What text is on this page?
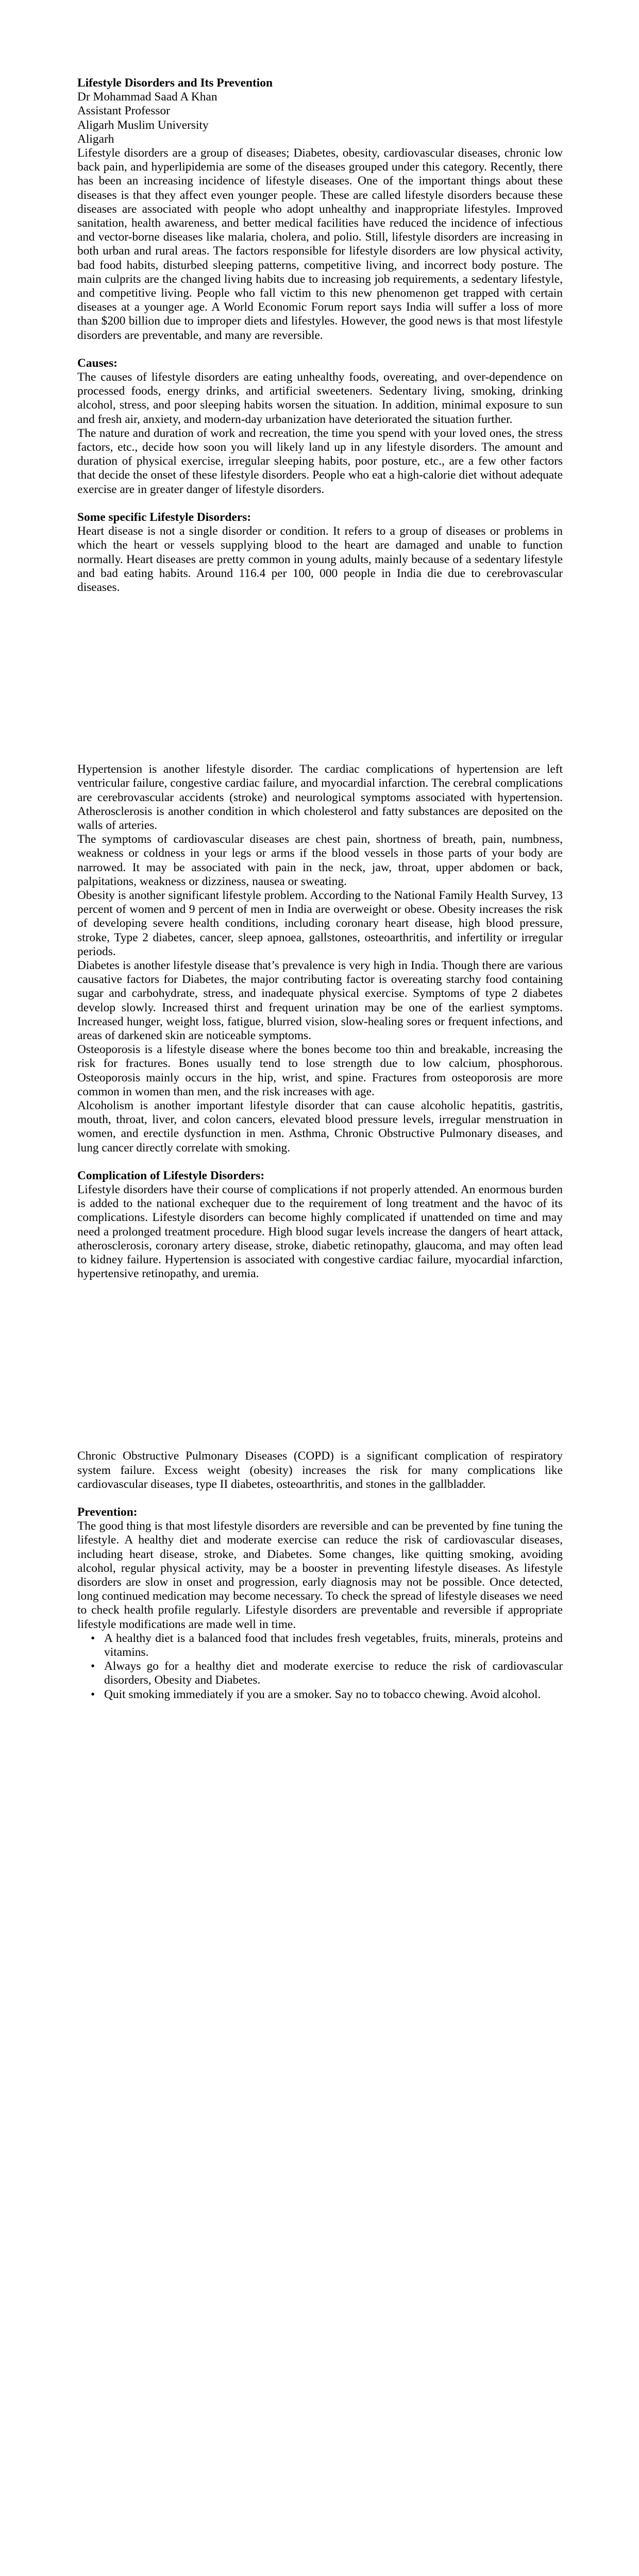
Lifestyle Disorders and Its Prevention
Dr Mohammad Saad A Khan
Assistant Professor
Aligarh Muslim University
Aligarh

Lifestyle disorders are a group of diseases; Diabetes, obesity, cardiovascular diseases, chronic low back pain, and hyperlipidemia are some of the diseases grouped under this category. Recently, there has been an increasing incidence of lifestyle diseases. One of the important things about these diseases is that they affect even younger people. These are called lifestyle disorders because these diseases are associated with people who adopt unhealthy and inappropriate lifestyles. Improved sanitation, health awareness, and better medical facilities have reduced the incidence of infectious and vector-borne diseases like malaria, cholera, and polio. Still, lifestyle disorders are increasing in both urban and rural areas. The factors responsible for lifestyle disorders are low physical activity, bad food habits, disturbed sleeping patterns, competitive living, and incorrect body posture. The main culprits are the changed living habits due to increasing job requirements, a sedentary lifestyle, and competitive living. People who fall victim to this new phenomenon get trapped with certain diseases at a younger age. A World Economic Forum report says India will suffer a loss of more than $200 billion due to improper diets and lifestyles. However, the good news is that most lifestyle disorders are preventable, and many are reversible.

Causes:

The causes of lifestyle disorders are eating unhealthy foods, overeating, and over-dependence on processed foods, energy drinks, and artificial sweeteners. Sedentary living, smoking, drinking alcohol, stress, and poor sleeping habits worsen the situation. In addition, minimal exposure to sun and fresh air, anxiety, and modern-day urbanization have deteriorated the situation further.

The nature and duration of work and recreation, the time you spend with your loved ones, the stress factors, etc., decide how soon you will likely land up in any lifestyle disorders. The amount and duration of physical exercise, irregular sleeping habits, poor posture, etc., are a few other factors that decide the onset of these lifestyle disorders. People who eat a high-calorie diet without adequate exercise are in greater danger of lifestyle disorders.

Some specific Lifestyle Disorders:

Heart disease is not a single disorder or condition. It refers to a group of diseases or problems in which the heart or vessels supplying blood to the heart are damaged and unable to function normally. Heart diseases are pretty common in young adults, mainly because of a sedentary lifestyle and bad eating habits. Around 116.4 per 100, 000 people in India die due to cerebrovascular diseases.

Hypertension is another lifestyle disorder. The cardiac complications of hypertension are left ventricular failure, congestive cardiac failure, and myocardial infarction. The cerebral complications are cerebrovascular accidents (stroke) and neurological symptoms associated with hypertension. Atherosclerosis is another condition in which cholesterol and fatty substances are deposited on the walls of arteries.

The symptoms of cardiovascular diseases are chest pain, shortness of breath, pain, numbness, weakness or coldness in your legs or arms if the blood vessels in those parts of your body are narrowed. It may be associated with pain in the neck, jaw, throat, upper abdomen or back, palpitations, weakness or dizziness, nausea or sweating.

Obesity is another significant lifestyle problem. According to the National Family Health Survey, 13 percent of women and 9 percent of men in India are overweight or obese. Obesity increases the risk of developing severe health conditions, including coronary heart disease, high blood pressure, stroke, Type 2 diabetes, cancer, sleep apnoea, gallstones, osteoarthritis, and infertility or irregular periods.

Diabetes is another lifestyle disease that’s prevalence is very high in India. Though there are various causative factors for Diabetes, the major contributing factor is overeating starchy food containing sugar and carbohydrate, stress, and inadequate physical exercise. Symptoms of type 2 diabetes develop slowly. Increased thirst and frequent urination may be one of the earliest symptoms. Increased hunger, weight loss, fatigue, blurred vision, slow-healing sores or frequent infections, and areas of darkened skin are noticeable symptoms.

Osteoporosis is a lifestyle disease where the bones become too thin and breakable, increasing the risk for fractures. Bones usually tend to lose strength due to low calcium, phosphorous. Osteoporosis mainly occurs in the hip, wrist, and spine. Fractures from osteoporosis are more common in women than men, and the risk increases with age.

Alcoholism is another important lifestyle disorder that can cause alcoholic hepatitis, gastritis, mouth, throat, liver, and colon cancers, elevated blood pressure levels, irregular menstruation in women, and erectile dysfunction in men. Asthma, Chronic Obstructive Pulmonary diseases, and lung cancer directly correlate with smoking.

Complication of Lifestyle Disorders:

Lifestyle disorders have their course of complications if not properly attended. An enormous burden is added to the national exchequer due to the requirement of long treatment and the havoc of its complications. Lifestyle disorders can become highly complicated if unattended on time and may need a prolonged treatment procedure. High blood sugar levels increase the dangers of heart attack, atherosclerosis, coronary artery disease, stroke, diabetic retinopathy, glaucoma, and may often lead to kidney failure. Hypertension is associated with congestive cardiac failure, myocardial infarction, hypertensive retinopathy, and uremia.

Chronic Obstructive Pulmonary Diseases (COPD) is a significant complication of respiratory system failure. Excess weight (obesity) increases the risk for many complications like cardiovascular diseases, type II diabetes, osteoarthritis, and stones in the gallbladder.

Prevention:

The good thing is that most lifestyle disorders are reversible and can be prevented by fine tuning the lifestyle. A healthy diet and moderate exercise can reduce the risk of cardiovascular diseases, including heart disease, stroke, and Diabetes. Some changes, like quitting smoking, avoiding alcohol, regular physical activity, may be a booster in preventing lifestyle diseases. As lifestyle disorders are slow in onset and progression, early diagnosis may not be possible. Once detected, long continued medication may become necessary. To check the spread of lifestyle diseases we need to check health profile regularly. Lifestyle disorders are preventable and reversible if appropriate lifestyle modifications are made well in time.

• A healthy diet is a balanced food that includes fresh vegetables, fruits, minerals, proteins and vitamins.
• Always go for a healthy diet and moderate exercise to reduce the risk of cardiovascular disorders, Obesity and Diabetes.
• Quit smoking immediately if you are a smoker. Say no to tobacco chewing. Avoid alcohol.
